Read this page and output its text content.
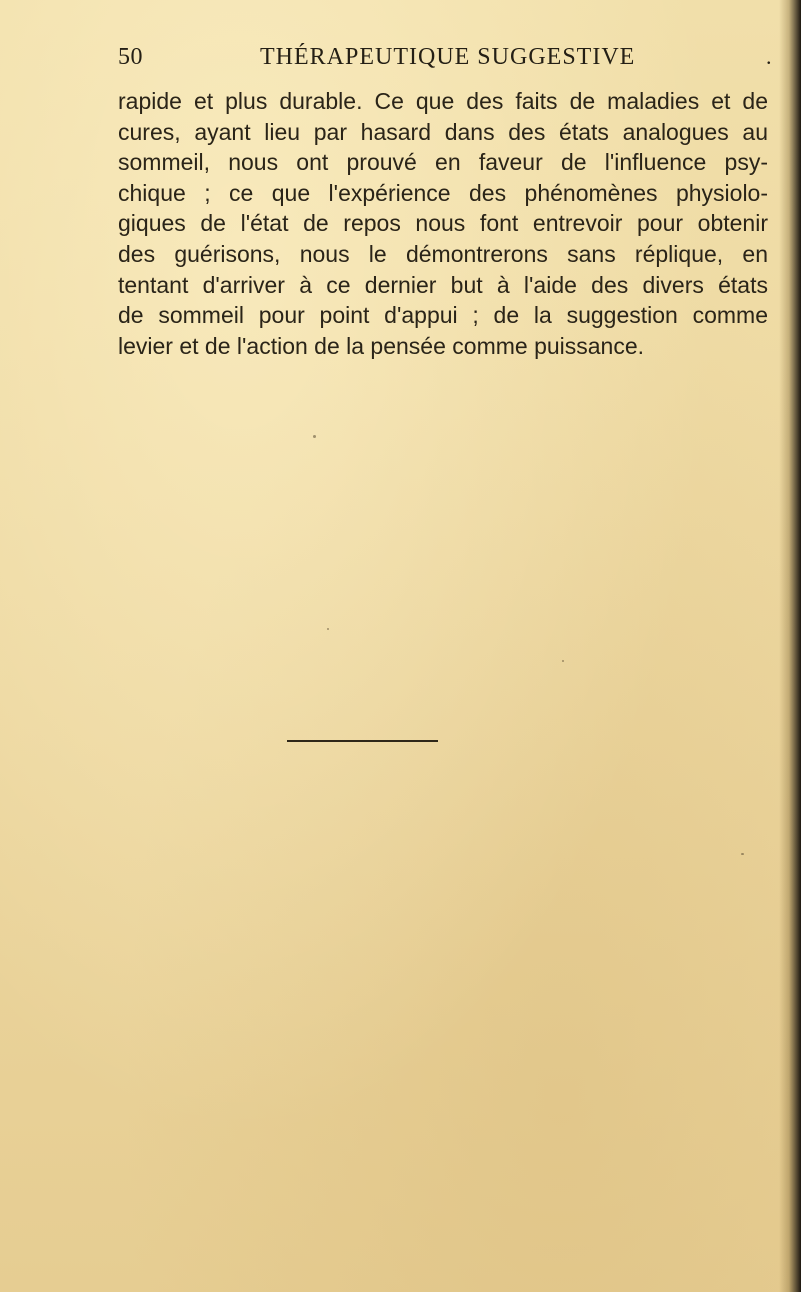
50	THÉRAPEUTIQUE SUGGESTIVE	.
rapide et plus durable. Ce que des faits de maladies et de
cures, ayant lieu par hasard dans des états analogues au
sommeil, nous ont prouvé en faveur de l'influence psy-
chique ; ce que l'expérience des phénomènes physiolo-
giques de l'état de repos nous font entrevoir pour obtenir
des guérisons, nous le démontrerons sans réplique, en
tentant d'arriver à ce dernier but à l'aide des divers états
de sommeil pour point d'appui ; de la suggestion comme
levier et de l'action de la pensée comme puissance.
